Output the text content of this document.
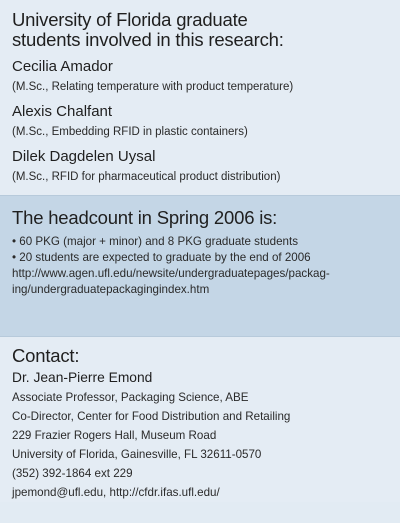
University of Florida graduate

students involved in this research:

Cecilia Amador

(M.Sc., Relating temperature with product temperature)

Alexis Chalfant

(M.Sc., Embedding RFID in plastic containers)

Dilek Dagdelen Uysal

(M.Sc., RFID for pharmaceutical product distribution)

The headcount in Spring 2006 is:

• 60 PKG (major + minor) and 8 PKG graduate students

• 20 students are expected to graduate by the end of 2006

http://www.agen.ufl.edu/newsite/undergraduatepages/packag-

ing/undergraduatepackagingindex.htm

Contact:

Dr. Jean-Pierre Emond

Associate Professor, Packaging Science, ABE

Co-Director, Center for Food Distribution and Retailing

229 Frazier Rogers Hall, Museum Road

University of Florida, Gainesville, FL 32611-0570

(352) 392-1864 ext 229

jpemond@ufl.edu, http://cfdr.ifas.ufl.edu/
